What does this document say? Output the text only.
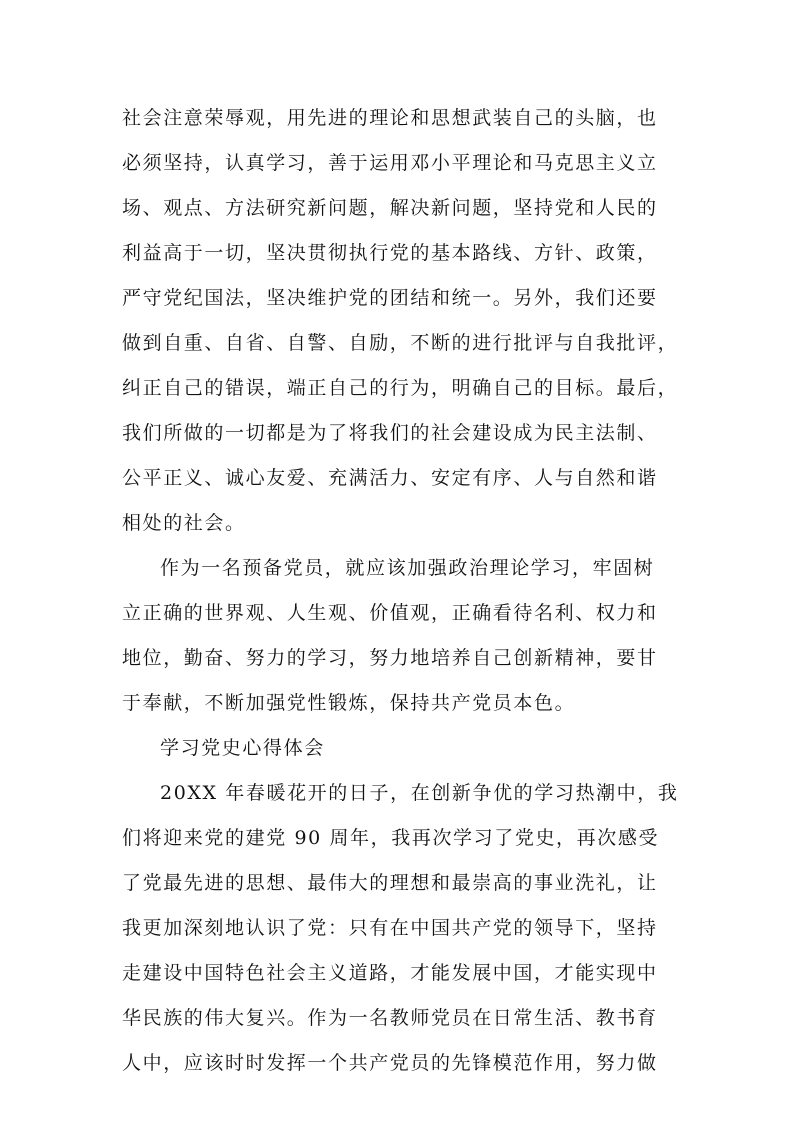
社会注意荣辱观，用先进的理论和思想武装自己的头脑，也
必须坚持，认真学习，善于运用邓小平理论和马克思主义立
场、观点、方法研究新问题，解决新问题，坚持党和人民的
利益高于一切，坚决贯彻执行党的基本路线、方针、政策，
严守党纪国法，坚决维护党的团结和统一。另外，我们还要
做到自重、自省、自警、自励，不断的进行批评与自我批评，
纠正自己的错误，端正自己的行为，明确自己的目标。最后，
我们所做的一切都是为了将我们的社会建设成为民主法制、
公平正义、诚心友爱、充满活力、安定有序、人与自然和谐
相处的社会。
作为一名预备党员，就应该加强政治理论学习，牢固树
立正确的世界观、人生观、价值观，正确看待名利、权力和
地位，勤奋、努力的学习，努力地培养自己创新精神，要甘
于奉献，不断加强党性锻炼，保持共产党员本色。
学习党史心得体会
20XX 年春暖花开的日子，在创新争优的学习热潮中，我
们将迎来党的建党 90 周年，我再次学习了党史，再次感受
了党最先进的思想、最伟大的理想和最崇高的事业洗礼，让
我更加深刻地认识了党：只有在中国共产党的领导下，坚持
走建设中国特色社会主义道路，才能发展中国，才能实现中
华民族的伟大复兴。作为一名教师党员在日常生活、教书育
人中，应该时时发挥一个共产党员的先锋模范作用，努力做
